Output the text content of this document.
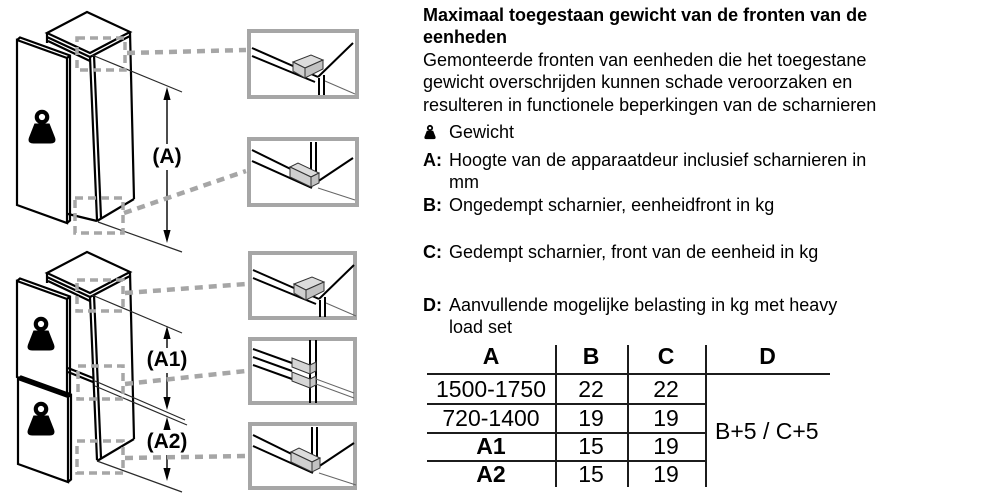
(A)
(A1)
(A2)
Maximaal toegestaan gewicht van de fronten van de
eenheden
Gemonteerde fronten van eenheden die het toegestane
gewicht overschrijden kunnen schade veroorzaken en
resulteren in functionele beperkingen van de scharnieren
Gewicht
A: Hoogte van de apparaatdeur inclusief scharnieren in
mm
B: Ongedempt scharnier, eenheidfront in kg
C: Gedempt scharnier, front van de eenheid in kg
D: Aanvullende mogelijke belasting in kg met heavy
load set
A	B	C	D
1500-1750	22	22
720-1400	19	19
A1	15	19
A2	15	19
B+5 / C+5
